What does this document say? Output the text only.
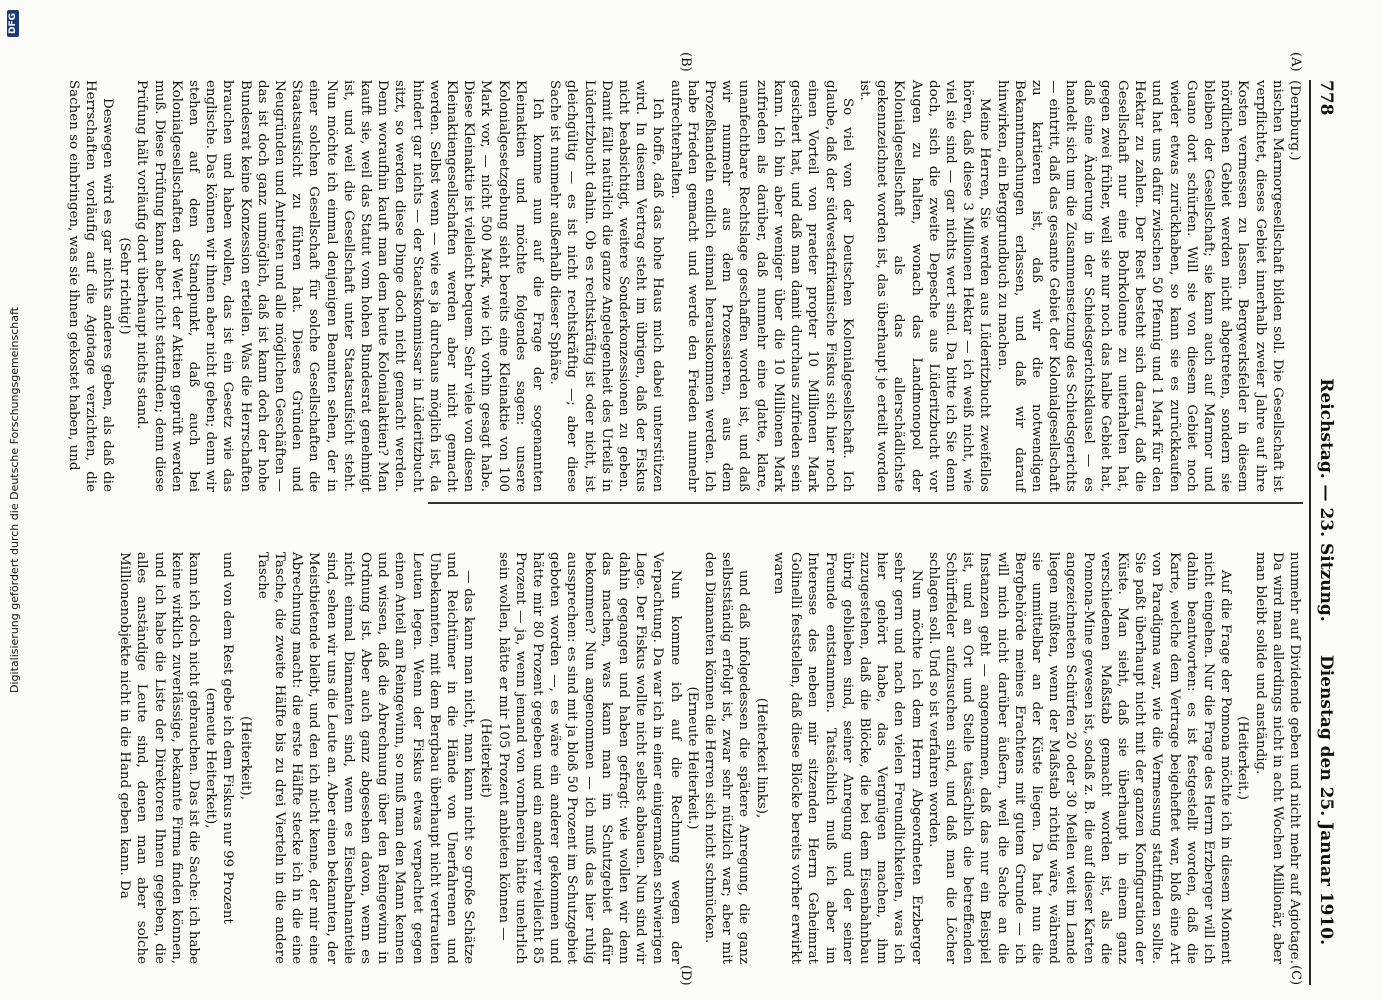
778
Reichstag. — 23. Sitzung.
Dienstag den 25. Januar 1910.
(A)
(B)
(C)
(D)

(Dernburg.)

nischen Marmorgesellschaft bilden soll. Die Gesellschaft ist verpflichtet, dieses Gebiet innerhalb zweier Jahre auf ihre Kosten vermessen zu lassen. Bergwerksfelder in diesem nördlichen Gebiet werden nicht abgetreten, sondern sie bleiben der Gesellschaft; sie kann auch auf Marmor und Guano dort schürfen. Will sie von diesem Gebiet noch wieder etwas zurückhaben, so kann sie es zurückkaufen und hat uns dafür zwischen 50 Pfennig und 1 Mark für den Hektar zu zahlen. Der Rest besteht sich darauf, daß die Gesellschaft nur eine Bohrkolonne zu unterhalten hat, gegen zwei früher, weil sie nur noch das halbe Gebiet hat, daß eine Änderung in der Schiedsgerichtsklausel — es handelt sich um die Zusammensetzung des Schiedsgerichts — eintritt, daß das gesamte Gebiet der Kolonialgesellschaft zu kartieren ist, daß wir die notwendigen Bekanntmachungen erlassen, und daß wir darauf hinwirken, ein Berggrundbuch zu machen.

Meine Herren, Sie werden aus Lüderitzbucht zweifellos hören, daß diese 3 Millionen Hektar — ich weiß nicht, wie viel sie sind — gar nichts wert sind. Da bitte ich Sie denn doch, sich die zweite Depesche aus Lüderitzbucht vor Augen zu halten, wonach das Landmonopol der Kolonialgesellschaft als das allerschädlichste gekennzeichnet worden ist, das überhaupt je erteilt worden ist.

So viel von der Deutschen Kolonialgesellschaft. Ich glaube, daß der südwestafrikanische Fiskus sich hier noch einen Vorteil von praeter propter 10 Millionen Mark gesichert hat, und daß man damit durchaus zufrieden sein kann. Ich bin aber weniger über die 10 Millionen Mark zufrieden als darüber, daß nunmehr eine glatte, klare, unanfechtbare Rechtslage geschaffen worden ist, und daß wir nunmehr aus dem Prozessieren, aus dem Prozeßhandeln endlich einmal herauskommen werden. Ich habe Frieden gemacht und werde den Frieden nunmehr aufrechterhalten.

Ich hoffe, daß das hohe Haus mich dabei unterstützen wird. In diesem Vertrag steht im übrigen, daß der Fiskus nicht beabsichtigt, weitere Sonderkonzessionen zu geben. Damit fällt natürlich die ganze Angelegenheit des Urteils in Lüderitzbucht dahin. Ob es rechtskräftig ist oder nicht, ist gleichgültig — es ist nicht rechtskräftig —; aber diese Sache ist nunmehr außerhalb dieser Sphäre.

Ich komme nun auf die Frage der sogenannten Kleinaktien und möchte folgendes sagen: unsere Kolonialgesetzgebung sieht bereits eine Kleinaktie von 100 Mark vor, — nicht 500 Mark, wie ich vorhin gesagt habe. Diese Kleinaktie ist vielleicht bequem. Sehr viele von diesen Kleinaktiengesellschaften werden aber nicht gemacht werden. Selbst wenn — wie es ja durchaus möglich ist, da hindert gar nichts — der Staatskommissar in Lüderitzbucht sitzt, so werden diese Dinge doch nicht gemacht werden. Denn woraufhin kauft man dem heute Kolonialaktien? Man kauft sie, weil das Statut vom hohen Bundesrat genehmigt ist, und weil die Gesellschaft unter Staatsaufsicht steht. Nun möchte ich einmal denjenigen Beamten sehen, der in einer solchen Gesellschaft für solche Gesellschaften die Staatsaufsicht zu führen hat. Dieses Gründen und Neugründen und Antreten und alle möglichen Geschäften — das ist doch ganz unmöglich, daß ist kann doch der hohe Bundesrat keine Konzession erteilen. Was die Herrschaften brauchen und haben wollen, das ist ein Gesetz wie das englische. Das können wir ihnen aber nicht geben; denn wir stehen auf dem Standpunkt, daß auch bei Kolonialgesellschaften der Wert der Aktien geprüft werden muß. Diese Prüfung kann aber nicht stattfinden; denn diese Prüfung hält vorläufig dort überhaupt nichts stand.

(Sehr richtig!)

Deswegen wird es gar nichts anderes geben, als daß die Herrschaften vorläufig auf die Agiotage verzichten, die Sachen so einbringen, was sie ihnen gekostet haben, und

nunmehr auf Dividende geben und nicht mehr auf Agiotage. Da wird man allerdings nicht in acht Wochen Millionär, aber man bleibt solide und anständig.

(Heiterkeit.)

Auf die Frage der Pomona möchte ich in diesem Moment nicht eingehen. Nur die Frage des Herrn Erzberger will ich dahin beantworten: es ist festgestellt worden, daß die Karte, welche dem Vertrage beigeheftet war, bloß eine Art von Paradigma war, wie die Vermessung stattfinden sollte. Sie paßt überhaupt nicht mit der ganzen Konfiguration der Küste. Man sieht, daß sie überhaupt in einem ganz verschiedenen Maßstab gemacht worden ist, als die Pomona-Mine gewesen ist, sodaß z. B. die auf dieser Karten angezeichneten Schürfen 20 oder 30 Meilen weit im Lande liegen müßten, wenn der Maßstab richtig wäre, während sie unmittelbar an der Küste liegen. Da hat nun die Bergbehörde meines Erachtens mit gutem Grunde — ich will mich nicht darüber äußern, weil die Sache an die Instanzen geht — angenommen, daß das nur ein Beispiel ist, und an Ort und Stelle tatsächlich die betreffenden Schürffelder aufzusuchen sind, und daß man die Löcher schlagen soll. Und so ist verfahren worden.

Nun möchte ich dem Herrn Abgeordneten Erzberger sehr gern und nach den vielen Freundlichkeiten, was ich hier gehört habe, das Vergnügen machen, ihm zuzugestehen, daß die Blöcke, die bei dem Eisenbahnbau übrig geblieben sind, seiner Anregung und der seiner Freunde entstammen. Tatsächlich muß ich aber im Interesse des neben mir sitzenden Herrn Geheimrat Golinelli feststellen, daß diese Blöcke bereits vorher erwirkt waren

(Heiterkeit links),

und daß infolgedessen die spätere Anregung, die ganz selbstständig erfolgt ist, zwar sehr nützlich war; aber mit den Diamanten können die Herren sich nicht schmücken.

(Erneute Heiterkeit.)

Nun komme ich auf die Rechnung wegen der Verpachtung. Da war ich in einer einigermaßen schwierigen Lage. Der Fiskus wollte nicht selbst abbauen. Nun sind wir dahin gegangen und haben gefragt: wie wollen wir denn das machen, was kann man im Schutzgebiet dafür bekommen? Nun angenommen — ich muß das hier ruhig aussprechen: es sind mit ja bloß 50 Prozent im Schutzgebiet geboten worden —, es wäre ein anderer gekommen und hätte mir 80 Prozent gegeben und ein anderer vielleicht 85 Prozent — ja, wenn jemand von vornherein hätte unehrlich sein wollen, hätte er mir 105 Prozent anbieten können —

(Heiterkeit)

— das kann man nicht, man kann nicht so große Schätze und Reichtümer in die Hände von Unerfahrenen und Unbekannten, mit dem Bergbau überhaupt nicht vertrauten Leuten legen. Wenn der Fiskus etwas verpachtet gegen einen Anteil am Reingewinn, so muß man den Mann kennen und wissen, daß die Abrechnung über den Reingewinn in Ordnung ist. Aber auch ganz abgesehen davon, wenn es nicht einmal Diamanten sind, wenn es Eisenbahnanteile sind, sehen wir uns die Leute an. Aber einen bekannten, der Meistbietende bleibt, und den ich nicht kenne, der mir eine Abrechnung macht: die erste Hälfte stecke ich in die eine Tasche, die zweite Hälfte bis zu drei Vierteln in die andere Tasche

(Heiterkeit),

und von dem Rest gebe ich dem Fiskus nur 99 Prozent

(erneute Heiterkeit),

kann ich doch nicht gebrauchen. Das ist die Sache: ich habe keine wirklich zuverlässige, bekannte Firma finden können, und ich habe die Liste der Direktoren Ihnen gegeben, die alles anständige Leute sind, denen man aber solche Millionenobjekte nicht in die Hand geben kann. Da

Digitalisierung gefördert durch die Deutsche Forschungsgemeinschaft
DFG
